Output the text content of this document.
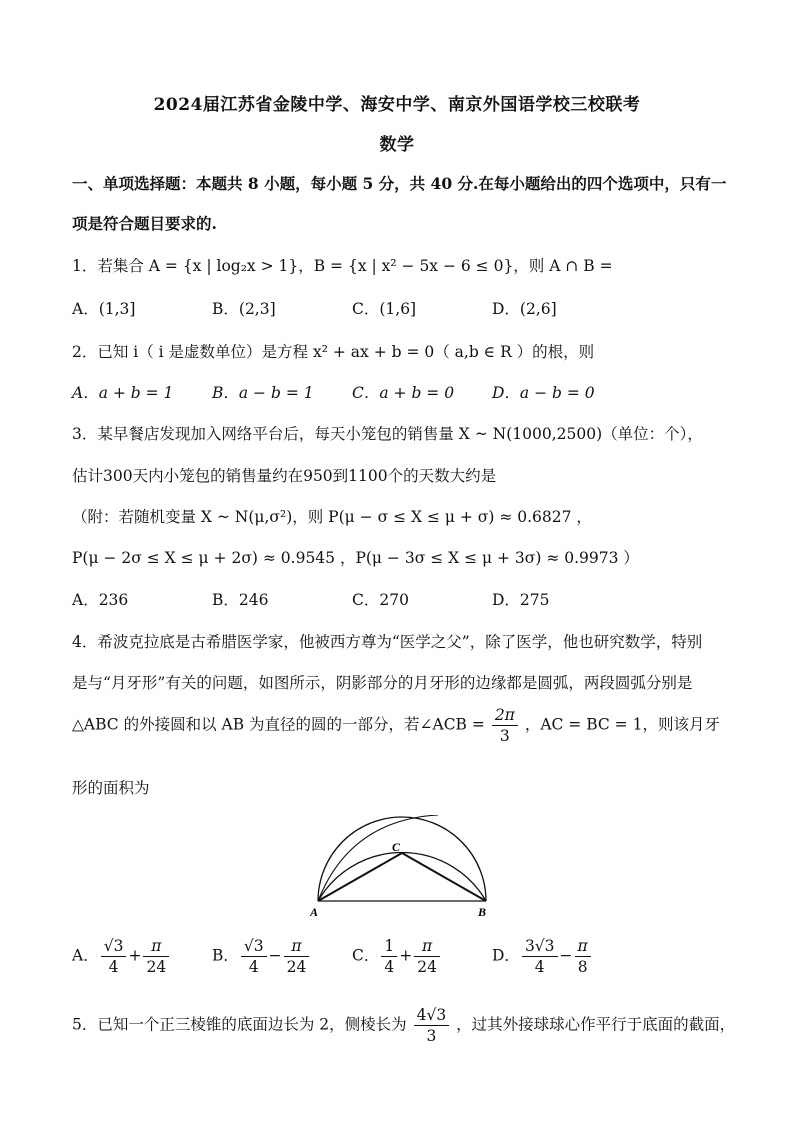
2024届江苏省金陵中学、海安中学、南京外国语学校三校联考
数学
一、单项选择题：本题共 8 小题，每小题 5 分，共 40 分.在每小题给出的四个选项中，只有一
项是符合题目要求的.
1．若集合 A = {x | log₂x > 1}，B = {x | x² − 5x − 6 ≤ 0}，则 A ∩ B =
A．(1,3]	B．(2,3]	C．(1,6]	D．(2,6]
2．已知 i（ i 是虚数单位）是方程 x² + ax + b = 0（ a,b ∈ R ）的根，则
A．a + b = 1 B．a − b = 1 C．a + b = 0 D．a − b = 0
3．某早餐店发现加入网络平台后，每天小笼包的销售量 X ~ N(1000,2500)（单位：个），
估计300天内小笼包的销售量约在950到1100个的天数大约是
（附：若随机变量 X ~ N(μ,σ²)，则 P(μ − σ ≤ X ≤ μ + σ) ≈ 0.6827 ，
P(μ − 2σ ≤ X ≤ μ + 2σ) ≈ 0.9545 ，P(μ − 3σ ≤ X ≤ μ + 3σ) ≈ 0.9973 ）
A．236	B．246	C．270	D．275
4．希波克拉底是古希腊医学家，他被西方尊为“医学之父”，除了医学，他也研究数学，特别
是与“月牙形”有关的问题，如图所示，阴影部分的月牙形的边缘都是圆弧，两段圆弧分别是
△ABC 的外接圆和以 AB 为直径的圆的一部分，若∠ACB = $\frac{2\pi}{3}$ ，AC = BC = 1，则该月牙
形的面积为
A	B
C
A． $\frac{√3}{4} + \frac{\pi}{24}$	B． $\frac{√3}{4} - \frac{\pi}{24}$	C． $\frac{1}{4} + \frac{\pi}{24}$	D． $\frac{3√3}{4} - \frac{\pi}{8}$
5．已知一个正三棱锥的底面边长为 2，侧棱长为 $\frac{4√3}{3}$ ，过其外接球球心作平行于底面的截面，
